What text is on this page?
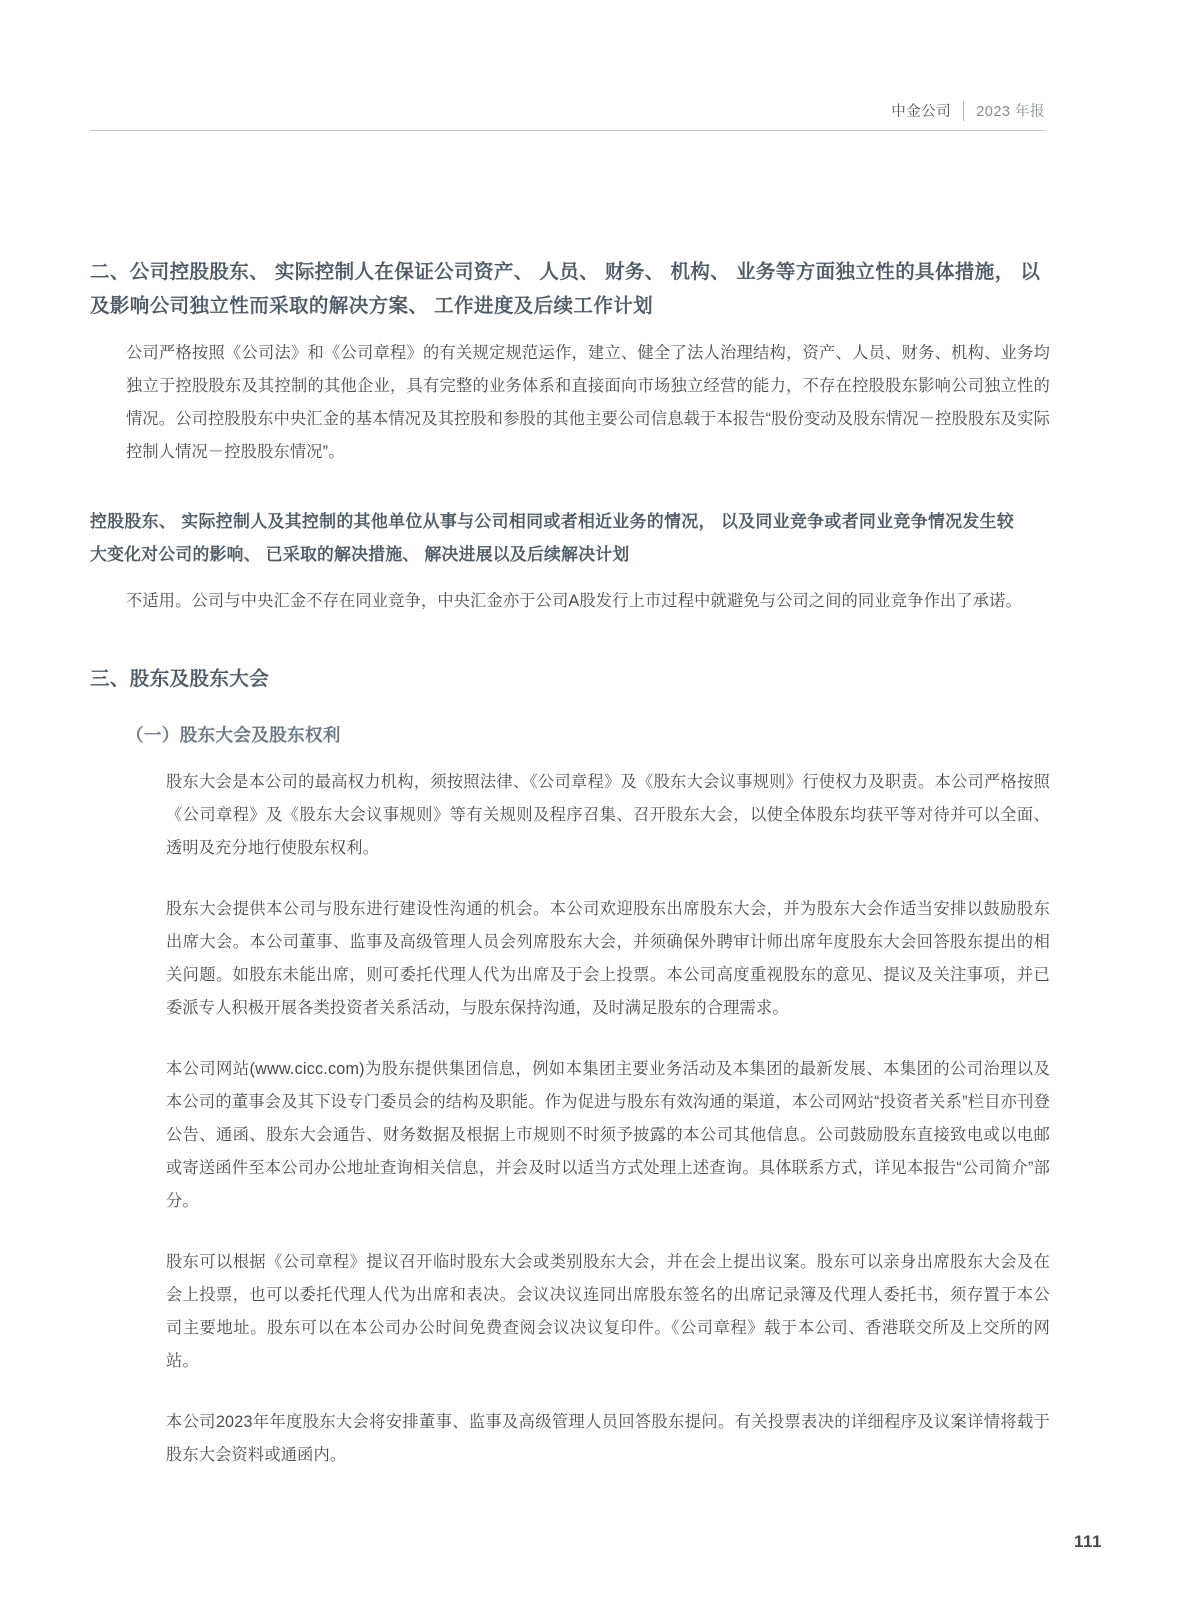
中金公司 2023 年报
二、公司控股股东、 实际控制人在保证公司资产、 人员、 财务、 机构、 业务等方面独立性的具体措施， 以及影响公司独立性而采取的解决方案、 工作进度及后续工作计划

公司严格按照《公司法》和《公司章程》的有关规定规范运作，建立、健全了法人治理结构，资产、人员、财务、机构、业务均独立于控股股东及其控制的其他企业，具有完整的业务体系和直接面向市场独立经营的能力，不存在控股股东影响公司独立性的情况。公司控股股东中央汇金的基本情况及其控股和参股的其他主要公司信息载于本报告“股份变动及股东情况－控股股东及实际控制人情况－控股股东情况”。

控股股东、 实际控制人及其控制的其他单位从事与公司相同或者相近业务的情况， 以及同业竞争或者同业竞争情况发生较大变化对公司的影响、 已采取的解决措施、 解决进展以及后续解决计划

不适用。公司与中央汇金不存在同业竞争，中央汇金亦于公司A股发行上市过程中就避免与公司之间的同业竞争作出了承诺。

三、股东及股东大会
（一）股东大会及股东权利

股东大会是本公司的最高权力机构，须按照法律、《公司章程》及《股东大会议事规则》行使权力及职责。本公司严格按照《公司章程》及《股东大会议事规则》等有关规则及程序召集、召开股东大会，以使全体股东均获平等对待并可以全面、透明及充分地行使股东权利。

股东大会提供本公司与股东进行建设性沟通的机会。本公司欢迎股东出席股东大会，并为股东大会作适当安排以鼓励股东出席大会。本公司董事、监事及高级管理人员会列席股东大会，并须确保外聘审计师出席年度股东大会回答股东提出的相关问题。如股东未能出席，则可委托代理人代为出席及于会上投票。本公司高度重视股东的意见、提议及关注事项，并已委派专人积极开展各类投资者关系活动，与股东保持沟通，及时满足股东的合理需求。

本公司网站(www.cicc.com)为股东提供集团信息，例如本集团主要业务活动及本集团的最新发展、本集团的公司治理以及本公司的董事会及其下设专门委员会的结构及职能。作为促进与股东有效沟通的渠道，本公司网站“投资者关系”栏目亦刊登公告、通函、股东大会通告、财务数据及根据上市规则不时须予披露的本公司其他信息。公司鼓励股东直接致电或以电邮或寄送函件至本公司办公地址查询相关信息，并会及时以适当方式处理上述查询。具体联系方式，详见本报告“公司简介”部分。

股东可以根据《公司章程》提议召开临时股东大会或类别股东大会，并在会上提出议案。股东可以亲身出席股东大会及在会上投票，也可以委托代理人代为出席和表决。会议决议连同出席股东签名的出席记录簿及代理人委托书，须存置于本公司主要地址。股东可以在本公司办公时间免费查阅会议决议复印件。《公司章程》载于本公司、香港联交所及上交所的网站。

本公司2023年年度股东大会将安排董事、监事及高级管理人员回答股东提问。有关投票表决的详细程序及议案详情将载于股东大会资料或通函内。

111
